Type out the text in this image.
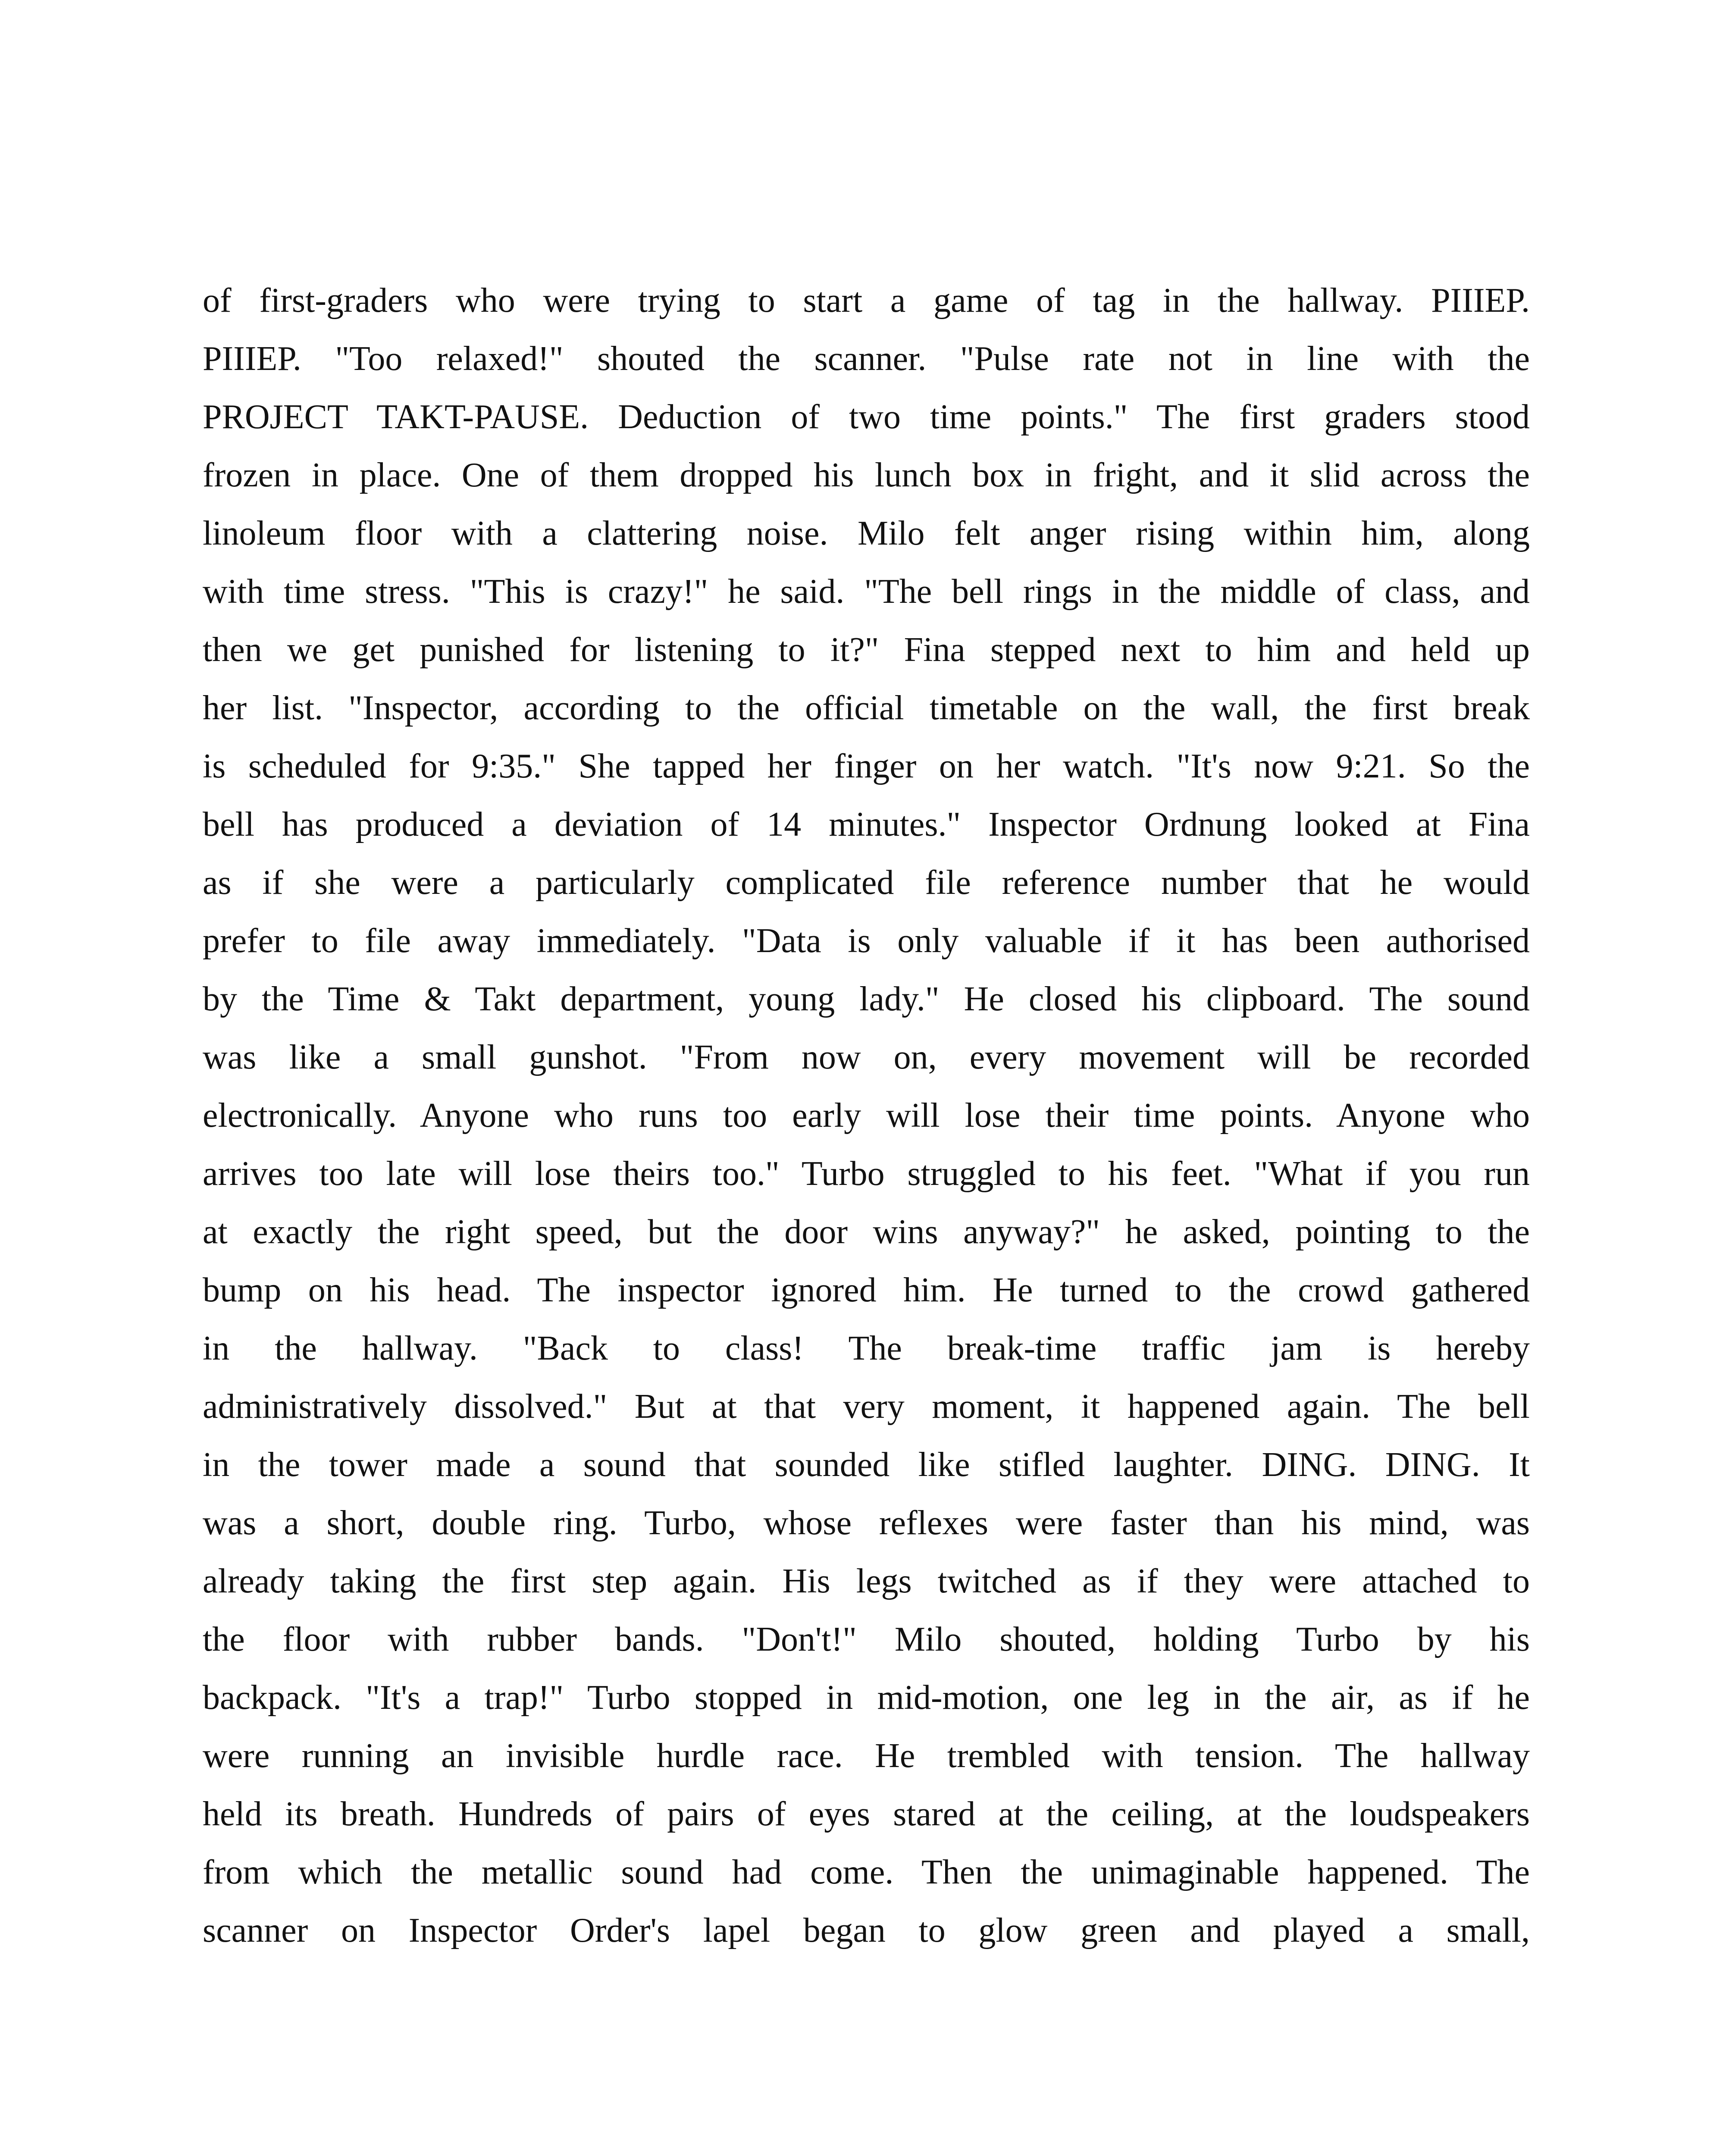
of first-graders who were trying to start a game of tag in the hallway. PIIIEP.
PIIIEP. "Too relaxed!" shouted the scanner. "Pulse rate not in line with the
PROJECT TAKT-PAUSE. Deduction of two time points." The first graders stood
frozen in place. One of them dropped his lunch box in fright, and it slid across the
linoleum floor with a clattering noise. Milo felt anger rising within him, along
with time stress. "This is crazy!" he said. "The bell rings in the middle of class, and
then we get punished for listening to it?" Fina stepped next to him and held up
her list. "Inspector, according to the official timetable on the wall, the first break
is scheduled for 9:35." She tapped her finger on her watch. "It's now 9:21. So the
bell has produced a deviation of 14 minutes." Inspector Ordnung looked at Fina
as if she were a particularly complicated file reference number that he would
prefer to file away immediately. "Data is only valuable if it has been authorised
by the Time & Takt department, young lady." He closed his clipboard. The sound
was like a small gunshot. "From now on, every movement will be recorded
electronically. Anyone who runs too early will lose their time points. Anyone who
arrives too late will lose theirs too." Turbo struggled to his feet. "What if you run
at exactly the right speed, but the door wins anyway?" he asked, pointing to the
bump on his head. The inspector ignored him. He turned to the crowd gathered
in the hallway. "Back to class! The break-time traffic jam is hereby
administratively dissolved." But at that very moment, it happened again. The bell
in the tower made a sound that sounded like stifled laughter. DING. DING. It
was a short, double ring. Turbo, whose reflexes were faster than his mind, was
already taking the first step again. His legs twitched as if they were attached to
the floor with rubber bands. "Don't!" Milo shouted, holding Turbo by his
backpack. "It's a trap!" Turbo stopped in mid-motion, one leg in the air, as if he
were running an invisible hurdle race. He trembled with tension. The hallway
held its breath. Hundreds of pairs of eyes stared at the ceiling, at the loudspeakers
from which the metallic sound had come. Then the unimaginable happened. The
scanner on Inspector Order's lapel began to glow green and played a small,
